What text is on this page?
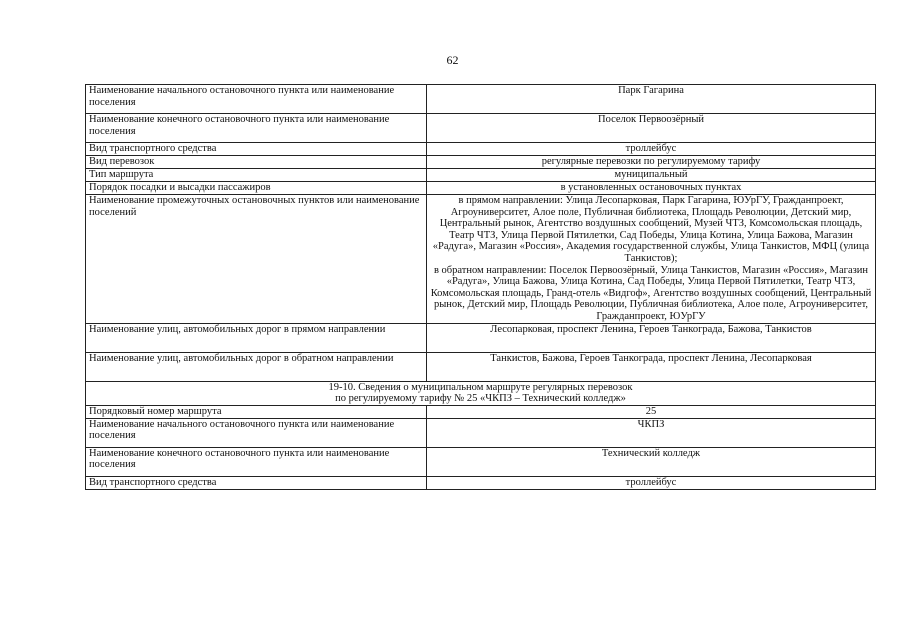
62
Наименование начального остановочного пункта или наименование поселения	Парк Гагарина
Наименование конечного остановочного пункта или наименование поселения	Поселок Первоозёрный
Вид транспортного средства	троллейбус
Вид перевозок	регулярные перевозки по регулируемому тарифу
Тип маршрута	муниципальный
Порядок посадки и высадки пассажиров	в установленных остановочных пунктах
Наименование промежуточных остановочных пунктов или наименование поселений	в прямом направлении: Улица Лесопарковая, Парк Гагарина, ЮУрГУ, Гражданпроект, Агроуниверситет, Алое поле, Публичная библиотека, Площадь Революции, Детский мир, Центральный рынок, Агентство воздушных сообщений, Музей ЧТЗ, Комсомольская площадь, Театр ЧТЗ, Улица Первой Пятилетки, Сад Победы, Улица Котина, Улица Бажова, Магазин «Радуга», Магазин «Россия», Академия государственной службы, Улица Танкистов, МФЦ (улица Танкистов);
в обратном направлении: Поселок Первоозёрный, Улица Танкистов, Магазин «Россия», Магазин «Радуга», Улица Бажова, Улица Котина, Сад Победы, Улица Первой Пятилетки, Театр ЧТЗ, Комсомольская площадь, Гранд-отель «Видгоф», Агентство воздушных сообщений, Центральный рынок, Детский мир, Площадь Революции, Публичная библиотека, Алое поле, Агроуниверситет, Гражданпроект, ЮУрГУ

Наименование улиц, автомобильных дорог в прямом направлении	Лесопарковая, проспект Ленина, Героев Танкограда, Бажова, Танкистов
Наименование улиц, автомобильных дорог в обратном направлении	Танкистов, Бажова, Героев Танкограда, проспект Ленина, Лесопарковая

19-10. Сведения о муниципальном маршруте регулярных перевозок
по регулируемому тарифу № 25 «ЧКПЗ – Технический колледж»	

Порядковый номер маршрута	25
Наименование начального остановочного пункта или наименование поселения	ЧКПЗ
Наименование конечного остановочного пункта или наименование поселения	Технический колледж
Вид транспортного средства	троллейбус
